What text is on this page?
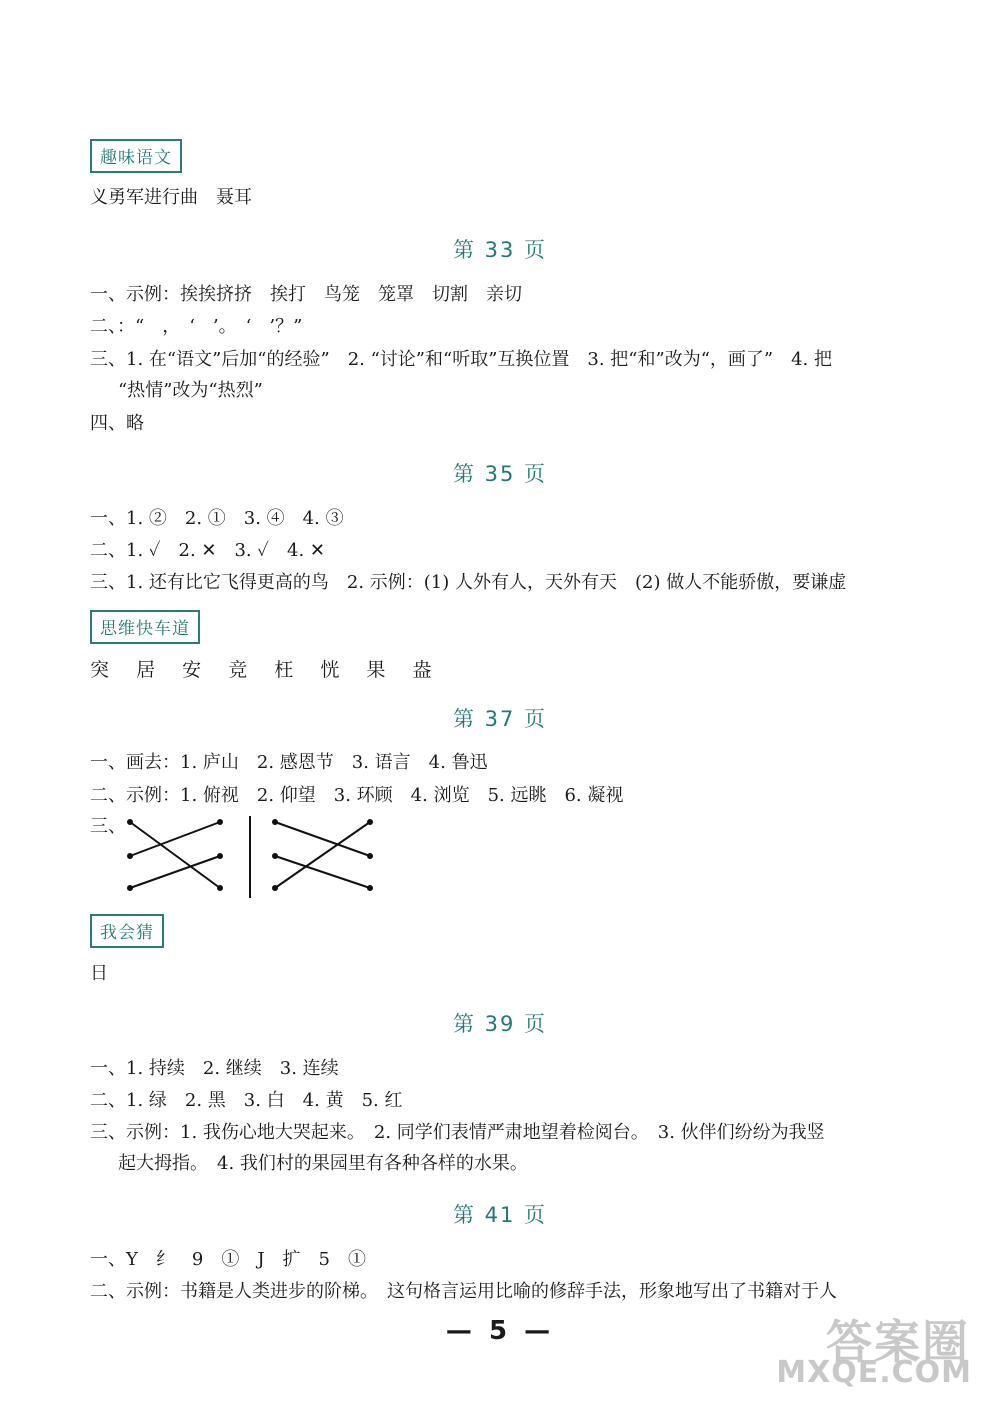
趣味语文
义勇军进行曲　聂耳
第 33 页
一、示例：挨挨挤挤　挨打　鸟笼　笼罩　切割　亲切
二、：“　，　‘　’。　‘　’？”
三、1. 在“语文”后加“的经验”　2. “讨论”和“听取”互换位置　3. 把“和”改为“，画了”　4. 把
“热情”改为“热烈”
四、略
第 35 页
一、1. ②　2. ①　3. ④　4. ③
二、1. ✓　2. ✕　3. ✓　4. ✕
三、1. 还有比它飞得更高的鸟　2. 示例：(1) 人外有人，天外有天　(2) 做人不能骄傲，要谦虚
思维快车道
突 居 安 竞 枉 恍 果 盎
第 37 页
一、画去：1. 庐山　2. 感恩节　3. 语言　4. 鲁迅
二、示例：1. 俯视　2. 仰望　3. 环顾　4. 浏览　5. 远眺　6. 凝视
三、
我会猜
日
第 39 页
一、1. 持续　2. 继续　3. 连续
二、1. 绿　2. 黑　3. 白　4. 黄　5. 红
三、示例：1. 我伤心地大哭起来。　2. 同学们表情严肃地望着检阅台。　3. 伙伴们纷纷为我竖
起大拇指。　4. 我们村的果园里有各种各样的水果。
第 41 页
一、Y　纟　9　①　J　扩　5　①
二、示例：书籍是人类进步的阶梯。　这句格言运用比喻的修辞手法，形象地写出了书籍对于人
— 5 —	答案圈
MXQE.COM
